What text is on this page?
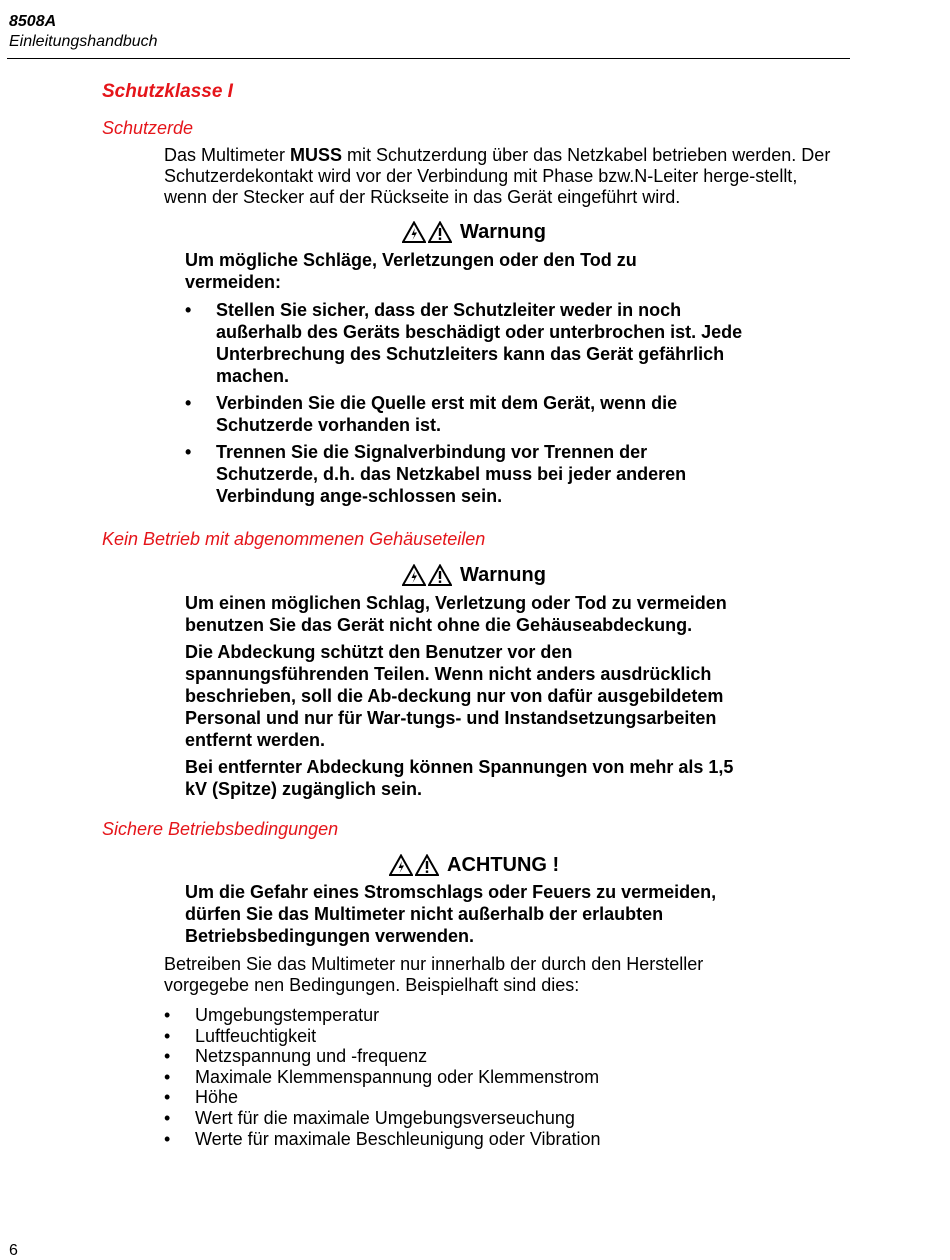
8508A
Einleitungshandbuch
Schutzklasse I
Schutzerde
Das Multimeter MUSS mit Schutzerdung über das Netzkabel betrieben werden. Der Schutzerdekontakt wird vor der Verbindung mit Phase bzw.N-Leiter herge-stellt, wenn der Stecker auf der Rückseite in das Gerät eingeführt wird.
Warnung
Um mögliche Schläge, Verletzungen oder den Tod zu vermeiden:
• Stellen Sie sicher, dass der Schutzleiter weder in noch außerhalb des Geräts beschädigt oder unterbrochen ist. Jede Unterbrechung des Schutzleiters kann das Gerät gefährlich machen.
• Verbinden Sie die Quelle erst mit dem Gerät, wenn die Schutzerde vorhanden ist.
• Trennen Sie die Signalverbindung vor Trennen der Schutzerde, d.h. das Netzkabel muss bei jeder anderen Verbindung ange-schlossen sein.
Kein Betrieb mit abgenommenen Gehäuseteilen
Warnung
Um einen möglichen Schlag, Verletzung oder Tod zu vermeiden benutzen Sie das Gerät nicht ohne die Gehäuseabdeckung.
Die Abdeckung schützt den Benutzer vor den spannungsführenden Teilen. Wenn nicht anders ausdrücklich beschrieben, soll die Ab-deckung nur von dafür ausgebildetem Personal und nur für War-tungs- und Instandsetzungsarbeiten entfernt werden.
Bei entfernter Abdeckung können Spannungen von mehr als 1,5 kV (Spitze) zugänglich sein.
Sichere Betriebsbedingungen
ACHTUNG !
Um die Gefahr eines Stromschlags oder Feuers zu vermeiden, dürfen Sie das Multimeter nicht außerhalb der erlaubten Betriebsbedingungen verwenden.
Betreiben Sie das Multimeter nur innerhalb der durch den Hersteller vorgegebe nen Bedingungen. Beispielhaft sind dies:
• Umgebungstemperatur
• Luftfeuchtigkeit
• Netzspannung und -frequenz
• Maximale Klemmenspannung oder Klemmenstrom
• Höhe
• Wert für die maximale Umgebungsverseuchung
• Werte für maximale Beschleunigung oder Vibration
6
